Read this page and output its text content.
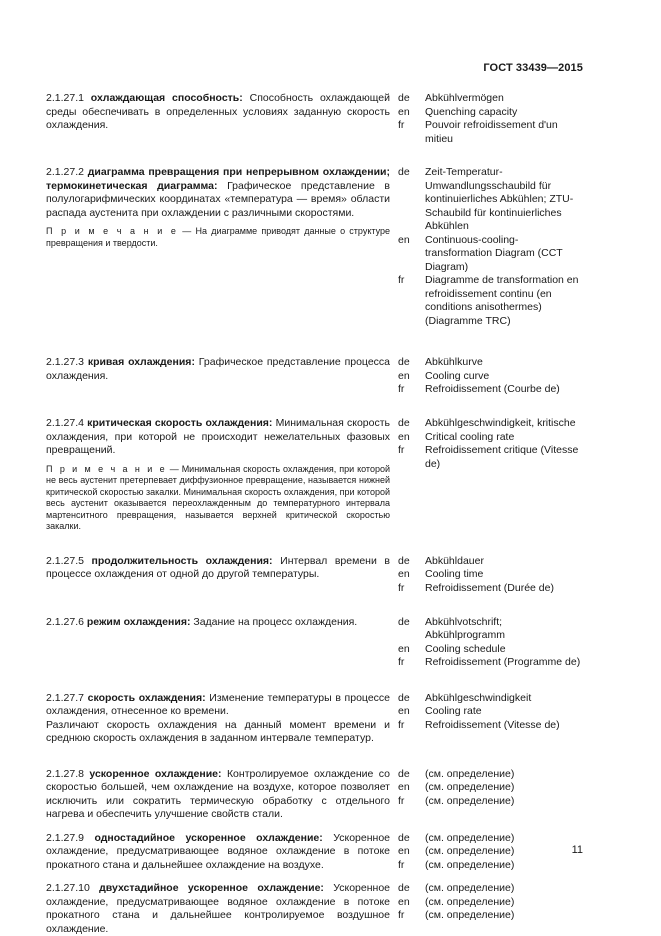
ГОСТ 33439—2015

2.1.27.1 охлаждающая способность: Способность охлаждающей среды обеспечивать в определенных условиях заданную скорость охлаждения.

de	Abkühlvermögen
en	Quenching capacity
fr	Pouvoir refroidissement d'un mitieu

2.1.27.2 диаграмма превращения при непрерывном охлаждении; термокинетическая диаграмма: Графическое представление в полулогарифмических координатах «температура — время» области распада аустенита при охлаждении с различными скоростями.

П р и м е ч а н и е — На диаграмме приводят данные о структуре превращения и твердости.

de	Zeit-Temperatur-Umwandlungsschaubild für kontinuierliches Abkühlen; ZTU-Schaubild für kontinuierliches Abkühlen
en	Continuous-cooling-transformation Diagram (CCT Diagram)
fr	Diagramme de transformation en refroidissement continu (en conditions anisothermes) (Diagramme TRC)

2.1.27.3 кривая охлаждения: Графическое представление процесса охлаждения.

de	Abkühlkurve
en	Cooling curve
fr	Refroidissement (Courbe de)

2.1.27.4 критическая скорость охлаждения: Минимальная скорость охлаждения, при которой не происходит нежелательных фазовых превращений.

П р и м е ч а н и е — Минимальная скорость охлаждения, при которой не весь аустенит претерпевает диффузионное превращение, называется нижней критической скоростью закалки. Минимальная скорость охлаждения, при которой весь аустенит оказывается переохлажденным до температурного интервала мартенситного превращения, называется верхней критической скоростью закалки.

de	Abkühlgeschwindigkeit, kritische
en	Critical cooling rate
fr	Refroidissement critique (Vitesse de)

2.1.27.5 продолжительность охлаждения: Интервал времени в процессе охлаждения от одной до другой температуры.

de	Abkühldauer
en	Cooling time
fr	Refroidissement (Durée de)

2.1.27.6 режим охлаждения: Задание на процесс охлаждения.	de	Abkühlvotschrift; Abkühlprogramm
en	Cooling schedule
fr	Refroidissement (Programme de)

2.1.27.7 скорость охлаждения: Изменение температуры в процессе охлаждения, отнесенное ко времени.

Различают скорость охлаждения на данный момент времени и среднюю скорость охлаждения в заданном интервале температур.

de	Abkühlgeschwindigkeit
en	Cooling rate
fr	Refroidissement (Vitesse de)

2.1.27.8 ускоренное охлаждение: Контролируемое охлаждение со скоростью большей, чем охлаждение на воздухе, которое позволяет исключить или сократить термическую обработку с отдельного нагрева и обеспечить улучшение свойств стали.

de	(см. определение)
en	(см. определение)
fr	(см. определение)

2.1.27.9 одностадийное ускоренное охлаждение: Ускоренное охлаждение, предусматривающее водяное охлаждение в потоке прокатного стана и дальнейшее охлаждение на воздухе.

de	(см. определение)
en	(см. определение)
fr	(см. определение)

2.1.27.10 двухстадийное ускоренное охлаждение: Ускоренное охлаждение, предусматривающее водяное охлаждение в потоке прокатного стана и дальнейшее контролируемое воздушное охлаждение.

de	(см. определение)
en	(см. определение)
fr	(см. определение)
11
